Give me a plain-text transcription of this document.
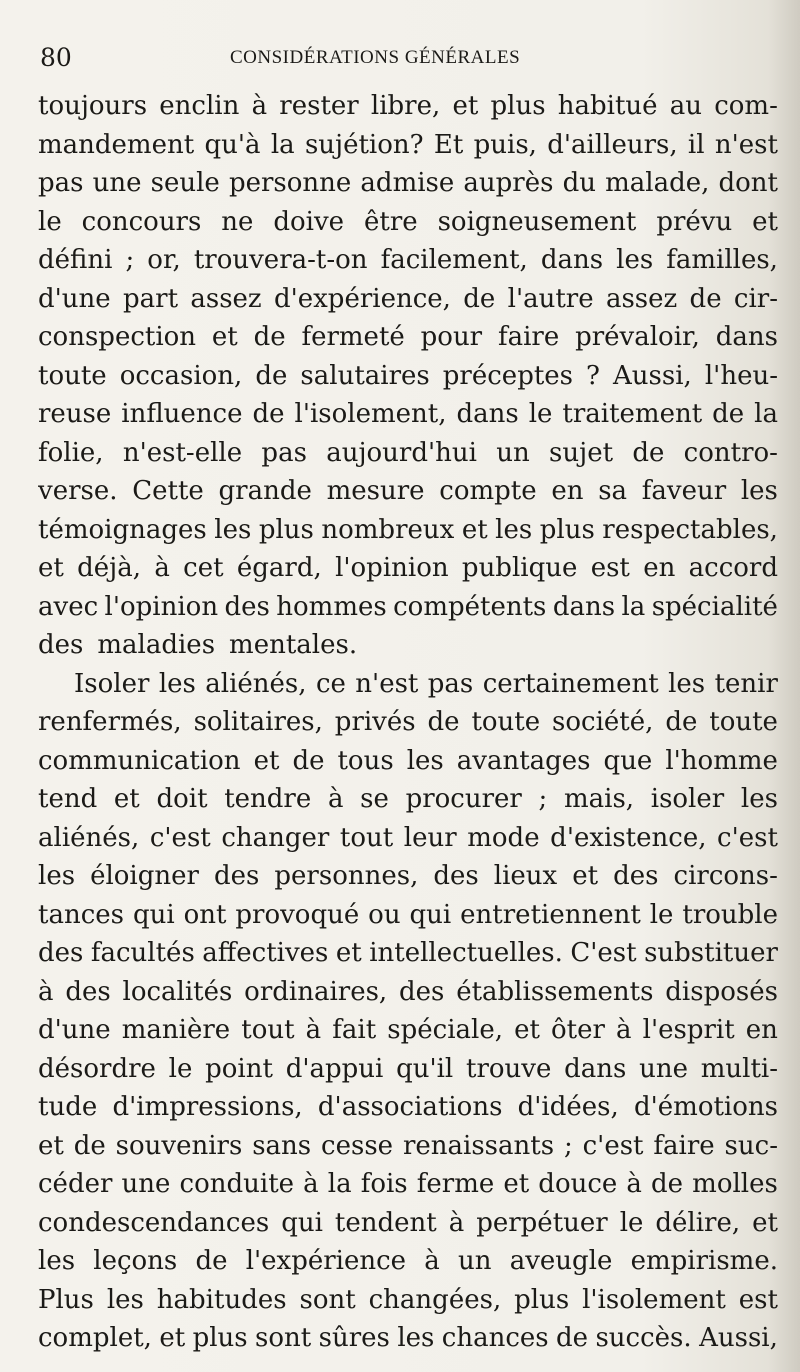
80	CONSIDÉRATIONS GÉNÉRALES
toujours enclin à rester libre, et plus habitué au com-
mandement qu'à la sujétion? Et puis, d'ailleurs, il n'est
pas une seule personne admise auprès du malade, dont
le concours ne doive être soigneusement prévu et
défini ; or, trouvera-t-on facilement, dans les familles,
d'une part assez d'expérience, de l'autre assez de cir-
conspection et de fermeté pour faire prévaloir, dans
toute occasion, de salutaires préceptes ? Aussi, l'heu-
reuse influence de l'isolement, dans le traitement de la
folie, n'est-elle pas aujourd'hui un sujet de contro-
verse. Cette grande mesure compte en sa faveur les
témoignages les plus nombreux et les plus respectables,
et déjà, à cet égard, l'opinion publique est en accord
avec l'opinion des hommes compétents dans la spécialité
des maladies mentales.
Isoler les aliénés, ce n'est pas certainement les tenir
renfermés, solitaires, privés de toute société, de toute
communication et de tous les avantages que l'homme
tend et doit tendre à se procurer ; mais, isoler les
aliénés, c'est changer tout leur mode d'existence, c'est
les éloigner des personnes, des lieux et des circons-
tances qui ont provoqué ou qui entretiennent le trouble
des facultés affectives et intellectuelles. C'est substituer
à des localités ordinaires, des établissements disposés
d'une manière tout à fait spéciale, et ôter à l'esprit en
désordre le point d'appui qu'il trouve dans une multi-
tude d'impressions, d'associations d'idées, d'émotions
et de souvenirs sans cesse renaissants ; c'est faire suc-
céder une conduite à la fois ferme et douce à de molles
condescendances qui tendent à perpétuer le délire, et
les leçons de l'expérience à un aveugle empirisme.
Plus les habitudes sont changées, plus l'isolement est
complet, et plus sont sûres les chances de succès. Aussi,
